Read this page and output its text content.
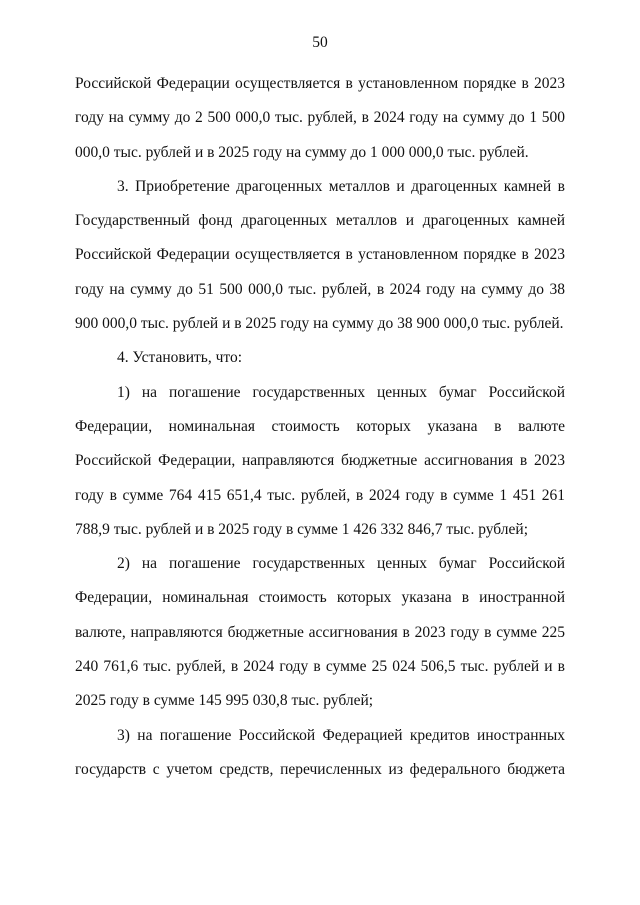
50

Российской Федерации осуществляется в установленном порядке в 2023 году на сумму до 2 500 000,0 тыс. рублей, в 2024 году на сумму до 1 500 000,0 тыс. рублей и в 2025 году на сумму до 1 000 000,0 тыс. рублей.

3. Приобретение драгоценных металлов и драгоценных камней в Государственный фонд драгоценных металлов и драгоценных камней Российской Федерации осуществляется в установленном порядке в 2023 году на сумму до 51 500 000,0 тыс. рублей, в 2024 году на сумму до 38 900 000,0 тыс. рублей и в 2025 году на сумму до 38 900 000,0 тыс. рублей.

4. Установить, что:

1) на погашение государственных ценных бумаг Российской Федерации, номинальная стоимость которых указана в валюте Российской Федерации, направляются бюджетные ассигнования в 2023 году в сумме 764 415 651,4 тыс. рублей, в 2024 году в сумме 1 451 261 788,9 тыс. рублей и в 2025 году в сумме 1 426 332 846,7 тыс. рублей;

2) на погашение государственных ценных бумаг Российской Федерации, номинальная стоимость которых указана в иностранной валюте, направляются бюджетные ассигнования в 2023 году в сумме 225 240 761,6 тыс. рублей, в 2024 году в сумме 25 024 506,5 тыс. рублей и в 2025 году в сумме 145 995 030,8 тыс. рублей;

3) на погашение Российской Федерацией кредитов иностранных государств с учетом средств, перечисленных из федерального бюджета
